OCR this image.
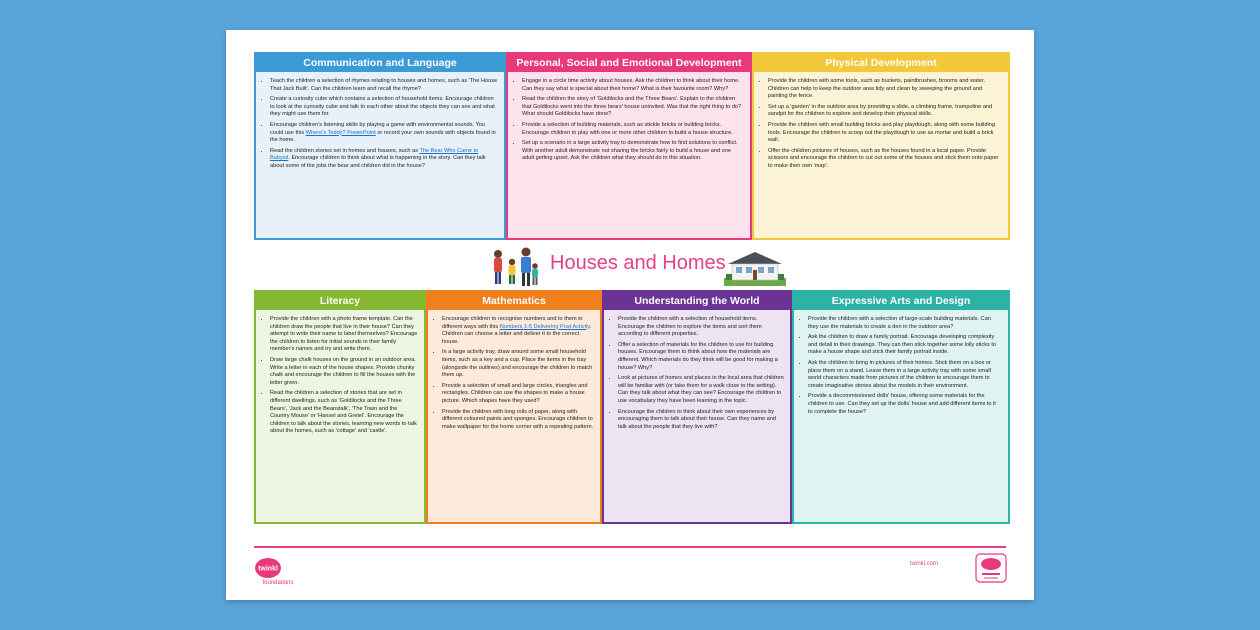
Communication and Language
• Teach the children a selection of rhymes relating to houses and homes, such as 'The House That Jack Built'. Can the children learn and recall the rhyme?
• Create a curiosity cube which contains a selection of household items. Encourage children to look at the curiosity cube and talk to each other about the objects they can see and what they might use them for.
• Encourage children's listening skills by playing a game with environmental sounds. You could use this Where's Teddy? PowerPoint or record your own sounds with objects found in the home.
• Read the children stories set in homes and houses, such as The Bear Who Came to Babysit. Encourage children to think about what is happening in the story. Can they talk about some of the jobs the bear and children did in the house?
Personal, Social and Emotional Development
• Engage in a circle time activity about houses. Ask the children to think about their home. Can they say what is special about their home? What is their favourite room? Why?
• Read the children the story of 'Goldilocks and the Three Bears'. Explain to the children that Goldilocks went into the three bears' house uninvited. Was that the right thing to do? What should Goldilocks have done?
• Provide a selection of building materials, such as stickle bricks or building bricks. Encourage children to play with one or more other children to build a house structure.
• Set up a scenario in a large activity tray to demonstrate how to find solutions to conflict. With another adult demonstrate not sharing the bricks fairly to build a house and one adult getting upset. Ask the children what they should do in this situation.
Physical Development
• Provide the children with some tools, such as buckets, paintbrushes, brooms and water. Children can help to keep the outdoor area tidy and clean by sweeping the ground and painting the fence.
• Set up a 'garden' in the outdoor area by providing a slide, a climbing frame, trampoline and sandpit for the children to explore and develop their physical skills.
• Provide the children with small building bricks and play playdough, along with some building tools. Encourage the children to scoop out the playdough to use as mortar and build a brick wall.
• Offer the children pictures of houses, such as the houses found in a local paper. Provide scissors and encourage the children to cut out some of the houses and stick them onto paper to make their own 'map'.
Houses and Homes
Literacy
• Provide the children with a photo frame template. Can the children draw the people that live in their house? Can they attempt to write their name to label themselves? Encourage the children to listen for initial sounds in their family member's names and try and write them.
• Draw large chalk houses on the ground in an outdoor area. Write a letter in each of the house shapes. Provide chunky chalk and encourage the children to fill the houses with the letter given.
• Read the children a selection of stories that are set in different dwellings, such as 'Goldilocks and the Three Bears', 'Jack and the Beanstalk', 'The Town and the Country Mouse' or 'Hansel and Gretel'. Encourage the children to talk about the stories, learning new words to talk about the homes, such as 'cottage' and 'castle'.
Mathematics
• Encourage children to recognise numbers and to them in different ways with this Numbers 1-5 Delivering Post Activity. Children can choose a letter and deliver it to the correct house.
• In a large activity tray, draw around some small household items, such as a key and a cup. Place the items in the tray (alongside the outlines) and encourage the children to match them up.
• Provide a selection of small and large circles, triangles and rectangles. Children can use the shapes to make a house picture. Which shapes have they used?
• Provide the children with long rolls of paper, along with different coloured paints and sponges. Encourage children to make wallpaper for the home corner with a repeating pattern.
Understanding the World
• Provide the children with a selection of household items. Encourage the children to explore the items and sort them according to different properties.
• Offer a selection of materials for the children to use for building houses. Encourage them to think about how the materials are different. Which materials do they think will be good for making a house? Why?
• Look at pictures of homes and places in the local area that children will be familiar with (or take them for a walk close to the setting). Can they talk about what they can see? Encourage the children to use vocabulary they have been learning in the topic.
• Encourage the children to think about their own experiences by encouraging them to talk about their house. Can they name and talk about the people that they live with?
Expressive Arts and Design
• Provide the children with a selection of large-scale building materials. Can they use the materials to create a den in the outdoor area?
• Ask the children to draw a family portrait. Encourage developing complexity and detail in their drawings. They can then stick together some lolly sticks to make a house shape and stick their family portrait inside.
• Ask the children to bring in pictures of their homes. Stick them on a box or place them on a stand. Leave them in a large activity tray with some small world characters made from pictures of the children to encourage them to create imaginative stories about the models in their environment.
• Provide a decommissioned dolls' house, offering some materials for the children to use. Can they set up the dolls' house and add different items to it to complete the house?
twinkl
foundations
twinkl.com
